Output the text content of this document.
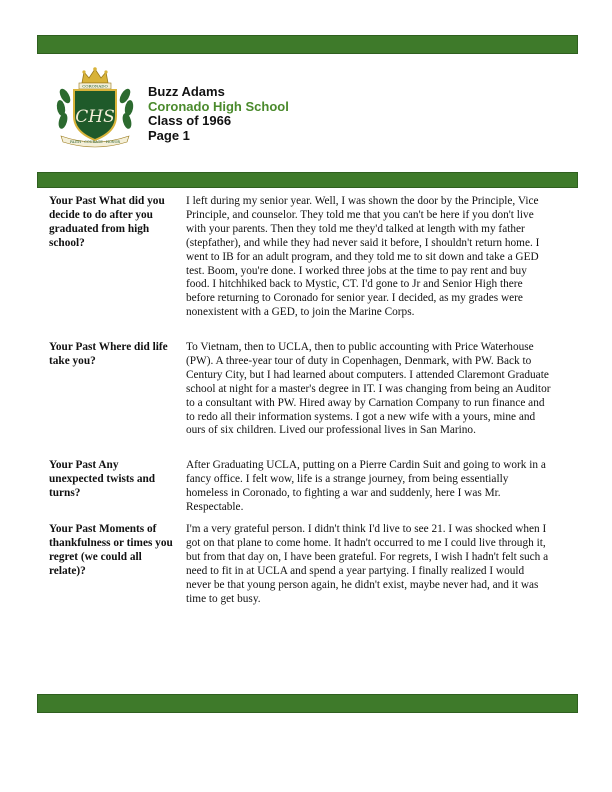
CORONADO
CHS
FAITH · COURAGE · HONOR
Buzz Adams
Coronado High School
Class of 1966
Page 1
Your Past What did you decide to do after you graduated from high school?
I left during my senior year. Well, I was shown the door by the Principle, Vice Principle, and counselor. They told me that you can't be here if you don't live with your parents. Then they told me they'd talked at length with my father (stepfather), and while they had never said it before, I shouldn't return home. I went to IB for an adult program, and they told me to sit down and take a GED test. Boom, you're done. I worked three jobs at the time to pay rent and buy food. I hitchhiked back to Mystic, CT. I'd gone to Jr and Senior High there before returning to Coronado for senior year. I decided, as my grades were nonexistent with a GED, to join the Marine Corps.
Your Past Where did life take you?
To Vietnam, then to UCLA, then to public accounting with Price Waterhouse (PW). A three-year tour of duty in Copenhagen, Denmark, with PW. Back to Century City, but I had learned about computers. I attended Claremont Graduate school at night for a master's degree in IT. I was changing from being an Auditor to a consultant with PW. Hired away by Carnation Company to run finance and to redo all their information systems. I got a new wife with a yours, mine and ours of six children. Lived our professional lives in San Marino.
Your Past Any unexpected twists and turns?
After Graduating UCLA, putting on a Pierre Cardin Suit and going to work in a fancy office. I felt wow, life is a strange journey, from being essentially homeless in Coronado, to fighting a war and suddenly, here I was Mr. Respectable.
Your Past Moments of thankfulness or times you regret (we could all relate)?
I'm a very grateful person. I didn't think I'd live to see 21. I was shocked when I got on that plane to come home. It hadn't occurred to me I could live through it, but from that day on, I have been grateful. For regrets, I wish I hadn't felt such a need to fit in at UCLA and spend a year partying. I finally realized I would never be that young person again, he didn't exist, maybe never had, and it was time to get busy.
